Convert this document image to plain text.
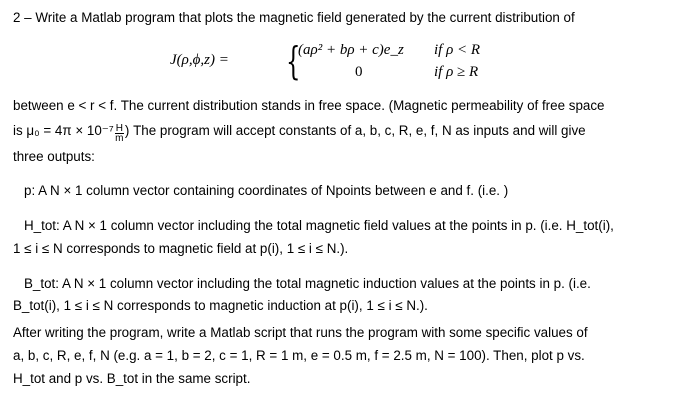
2 – Write a Matlab program that plots the magnetic field generated by the current distribution of

J(ρ,ϕ,z) = {
(aρ² + bρ + c)e_z
0
if ρ < R
if ρ ≥ R

between e < r < f. The current distribution stands in free space. (Magnetic permeability of free space

is $\mu_0 = 4\pi \times 10^{-7} \frac{H}{m}$ ) The program will accept constants of a, b, c, R, e, f, N as inputs and will give

three outputs:

p: A N × 1 column vector containing coordinates of Npoints between e and f. (i.e. )

H_tot: A N × 1 column vector including the total magnetic field values at the points in p. (i.e. H_tot(i),

1 ≤ i ≤ N corresponds to magnetic field at p(i), 1 ≤ i ≤ N.).

B_tot: A N × 1 column vector including the total magnetic induction values at the points in p. (i.e.

B_tot(i), 1 ≤ i ≤ N corresponds to magnetic induction at p(i), 1 ≤ i ≤ N.).

After writing the program, write a Matlab script that runs the program with some specific values of

a, b, c, R, e, f, N (e.g. a = 1, b = 2, c = 1, R = 1 m, e = 0.5 m, f = 2.5 m, N = 100). Then, plot p vs.

H_tot and p vs. B_tot in the same script.
